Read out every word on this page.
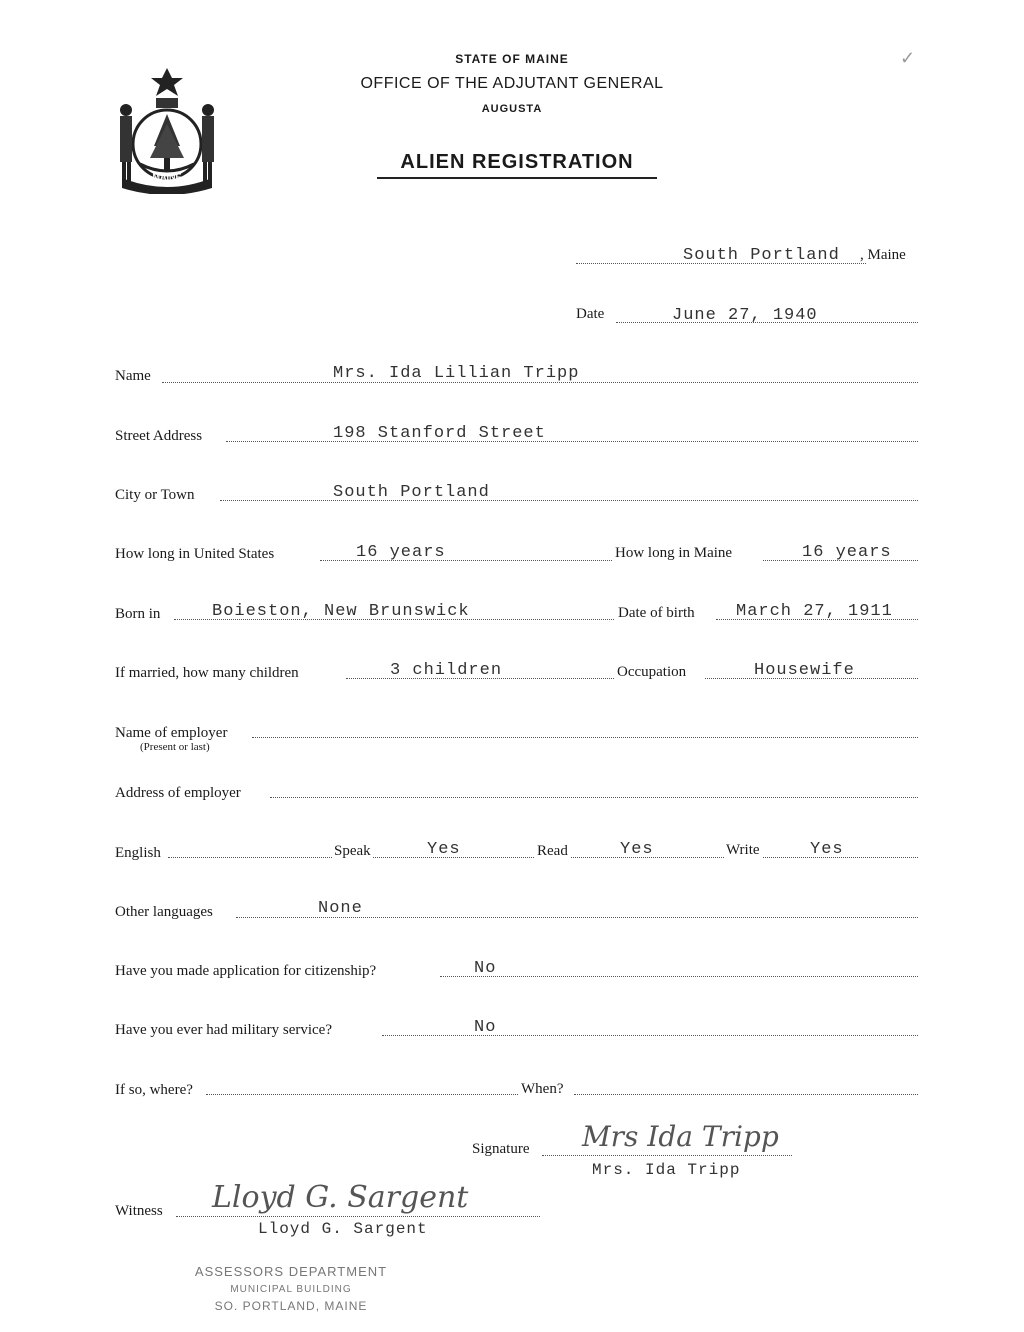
STATE OF MAINE
OFFICE OF THE ADJUTANT GENERAL
AUGUSTA
ALIEN REGISTRATION
MAINE
✓
South Portland , Maine
Date	June 27, 1940
Name	Mrs. Ida Lillian Tripp
Street Address	198 Stanford Street
City or Town	South Portland
How long in United States	16 years	How long in Maine	16 years
Born in	Boieston, New Brunswick	Date of birth March 27, 1911
If married, how many children	3 children	Occupation	Housewife
Name of employer
(Present or last)
Address of employer
English	Speak	Yes	Read	Yes	Write	Yes
Other languages	None
Have you made application for citizenship?	No
Have you ever had military service?	No
If so, where?	When?
Signature Mrs Ida Tripp
Mrs. Ida Tripp
Witness Lloyd G. Sargent
Lloyd G. Sargent
ASSESSORS DEPARTMENT
MUNICIPAL BUILDING
SO. PORTLAND, MAINE
